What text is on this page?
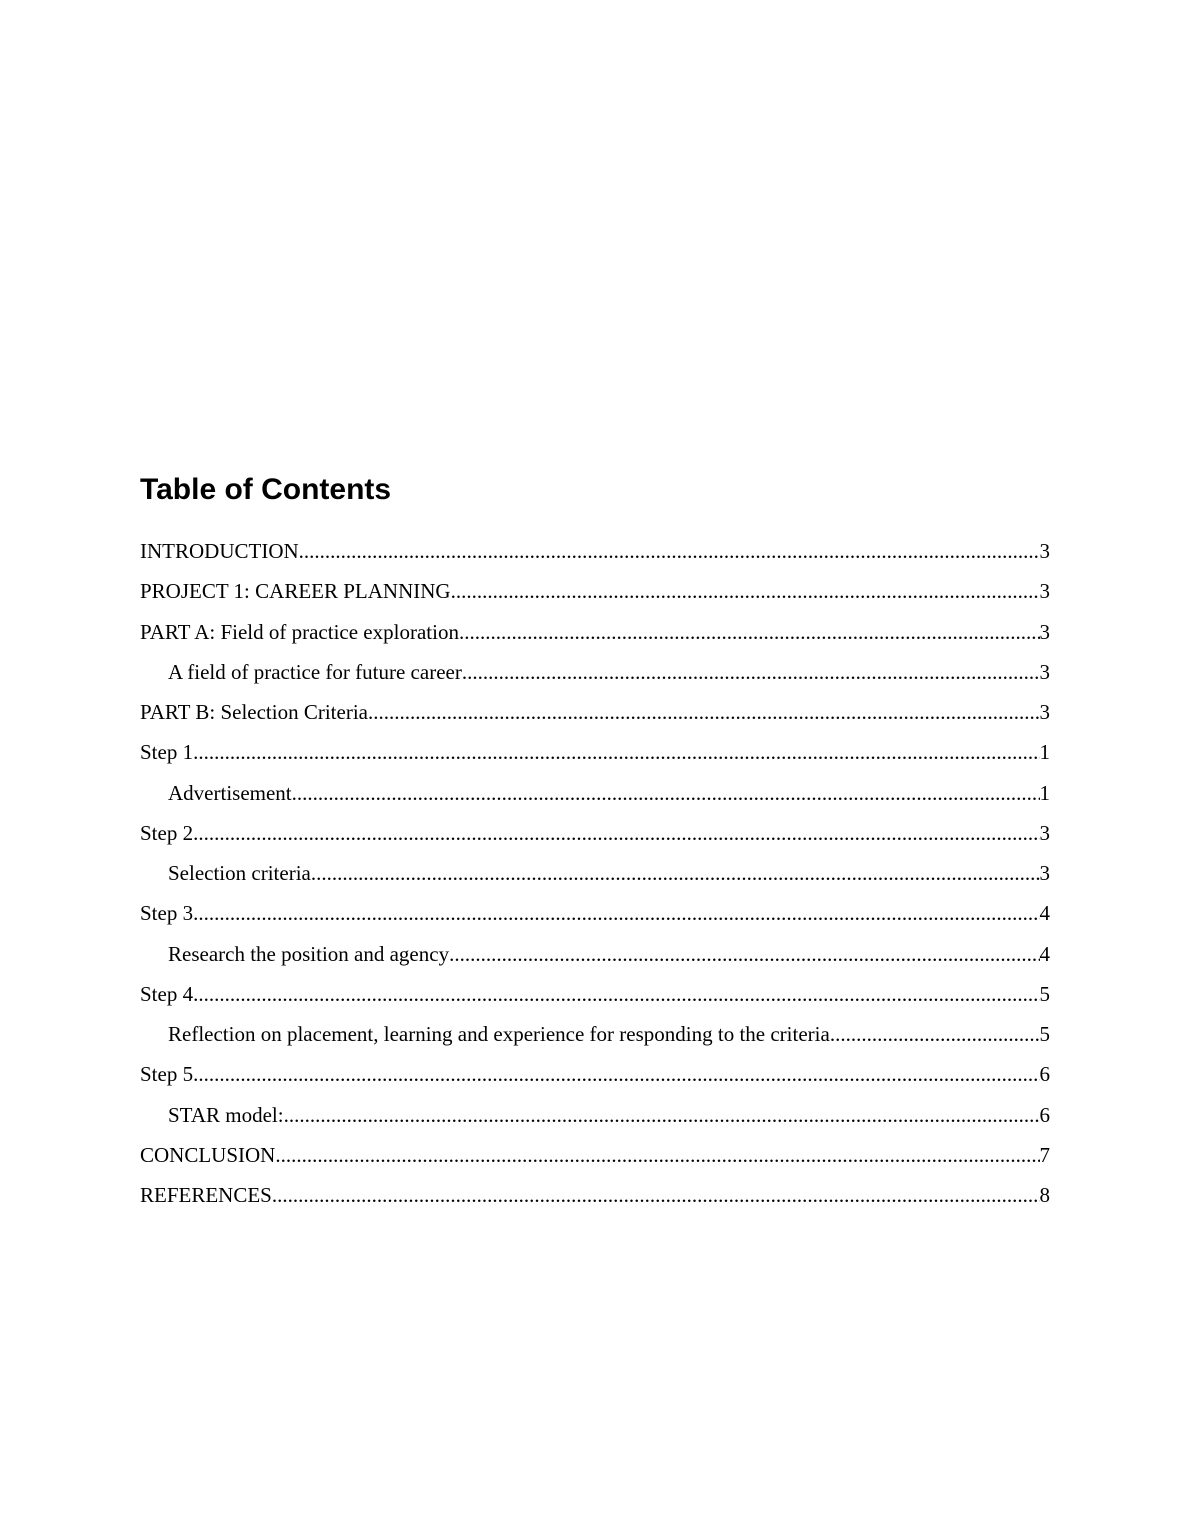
Table of Contents
INTRODUCTION .....	3
PROJECT 1: CAREER PLANNING .....	3
PART A: Field of practice exploration .....	3
A field of practice for future career .....	3
PART B: Selection Criteria .....	3
Step 1 .....	1
Advertisement .....	1
Step 2 .....	3
Selection criteria .....	3
Step 3 .....	4
Research the position and agency .....	4
Step 4 .....	5
Reflection on placement, learning and experience for responding to the criteria .....	5
Step 5 .....	6
STAR model: .....	6
CONCLUSION .....	7
REFERENCES .....	8
